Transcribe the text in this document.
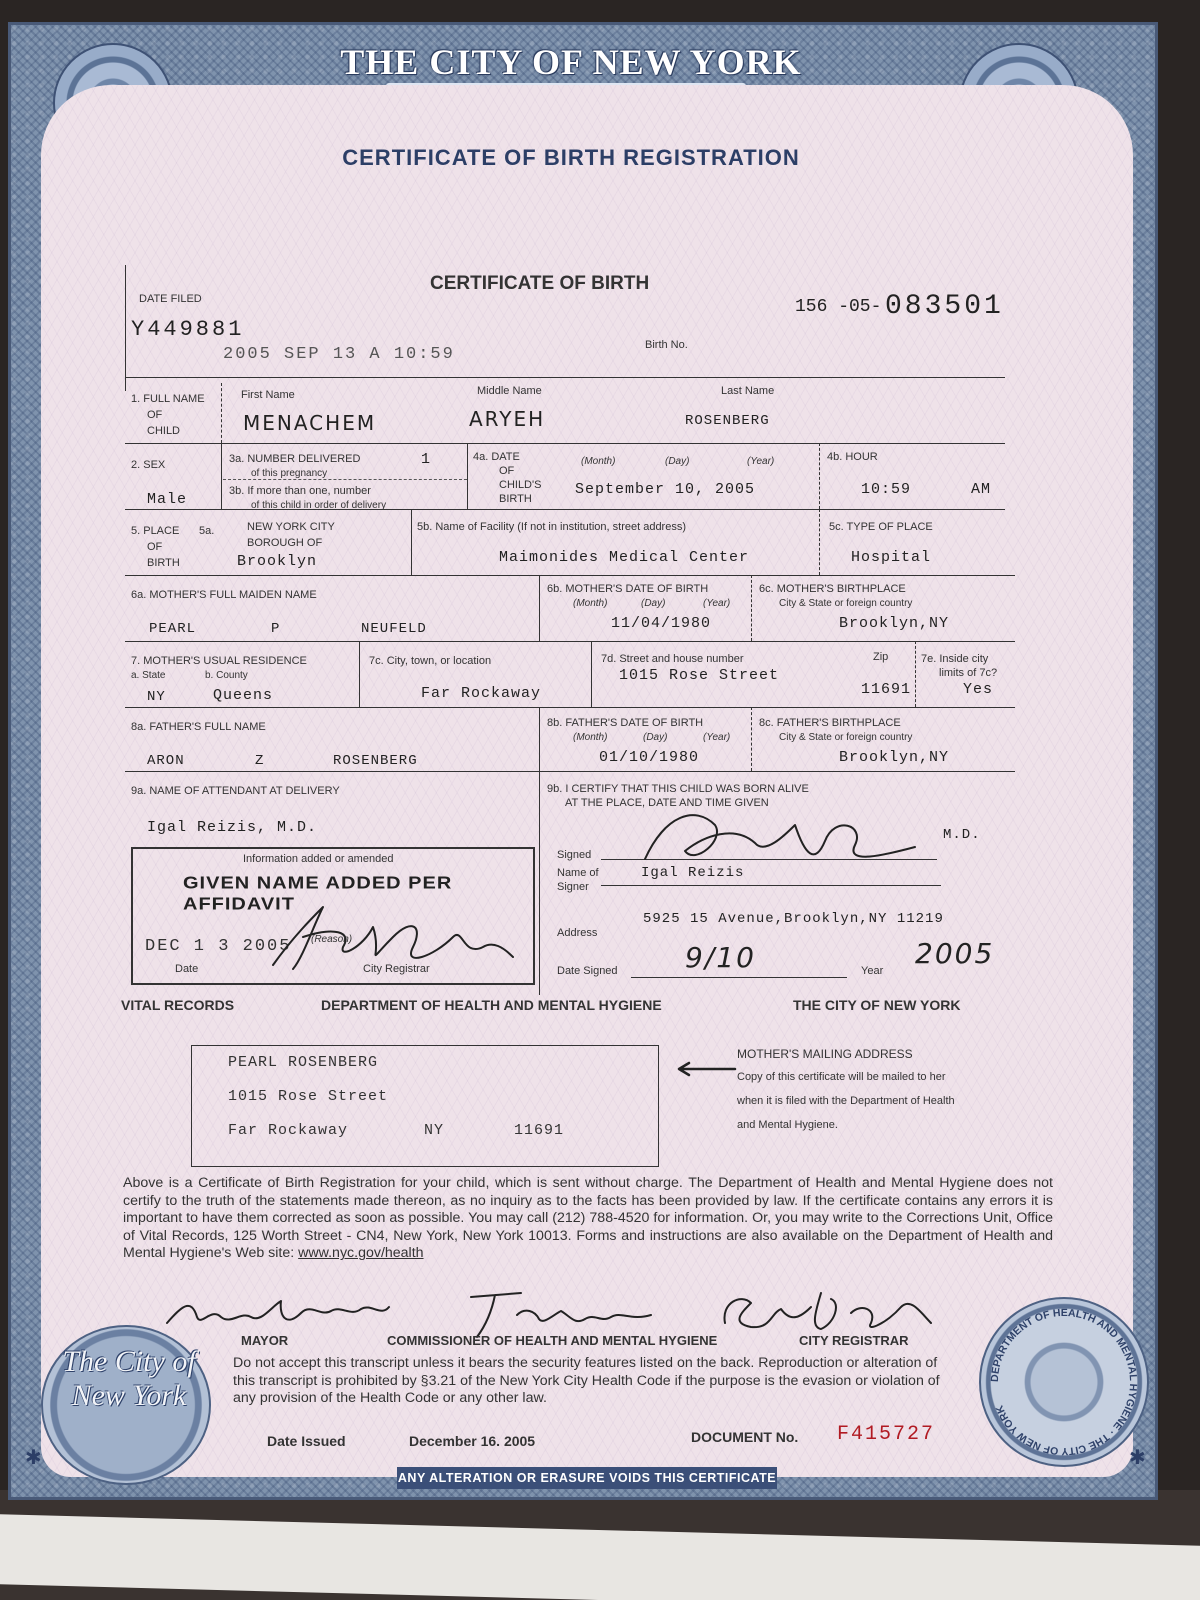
THE CITY OF NEW YORK
CERTIFICATE OF BIRTH REGISTRATION
CERTIFICATE OF BIRTH
DATE FILED
Y449881
2005 SEP 13 A 10:59
156 -05- 083501
Birth No.
1. FULL NAME
OF
CHILD
First Name	Middle Name	Last Name
MENACHEM	ARYEH	ROSENBERG
2. SEX
Male
3a. NUMBER DELIVERED
of this pregnancy
1
3b. If more than one, number
of this child in order of delivery
4a. DATE
OF
CHILD'S
BIRTH
(Month)	(Day)	(Year)
September 10, 2005
4b. HOUR
10:59	AM
5. PLACE
OF
BIRTH
5a.	NEW YORK CITY
BOROUGH OF
Brooklyn
5b. Name of Facility (If not in institution, street address)
Maimonides Medical Center
5c. TYPE OF PLACE
Hospital
6a. MOTHER'S FULL MAIDEN NAME
PEARL	P	NEUFELD
6b. MOTHER'S DATE OF BIRTH
(Month)	(Day)	(Year)
11/04/1980
6c. MOTHER'S BIRTHPLACE
City & State or foreign country
Brooklyn,NY
7. MOTHER'S USUAL RESIDENCE
a. State	b. County
NY	Queens
7c. City, town, or location
Far Rockaway
7d. Street and house number
1015 Rose Street
Zip
11691
7e. Inside city
limits of 7c?
Yes
8a. FATHER'S FULL NAME
ARON	Z	ROSENBERG
8b. FATHER'S DATE OF BIRTH
(Month)	(Day)	(Year)
01/10/1980
8c. FATHER'S BIRTHPLACE
City & State or foreign country
Brooklyn,NY
9a. NAME OF ATTENDANT AT DELIVERY
Igal Reizis, M.D.
9b. I CERTIFY THAT THIS CHILD WAS BORN ALIVE
AT THE PLACE, DATE AND TIME GIVEN
Signed
M.D.
Name of
Signer
Igal Reizis
Address
5925 15 Avenue,Brooklyn,NY 11219
Date Signed 9/10	Year
2005
Information added or amended
GIVEN NAME ADDED PER AFFIDAVIT
DEC 1 3 2005
Date
(Reason)
City Registrar
VITAL RECORDS	DEPARTMENT OF HEALTH AND MENTAL HYGIENE	THE CITY OF NEW YORK
PEARL ROSENBERG
1015 Rose Street
Far Rockaway	NY	11691
MOTHER'S MAILING ADDRESS
Copy of this certificate will be mailed to her
when it is filed with the Department of Health
and Mental Hygiene.
Above is a Certificate of Birth Registration for your child, which is sent without charge. The Department of Health and Mental Hygiene does not certify to the truth of the statements made thereon, as no inquiry as to the facts has been provided by law. If the certificate contains any errors it is important to have them corrected as soon as possible. You may call (212) 788-4520 for information. Or, you may write to the Corrections Unit, Office of Vital Records, 125 Worth Street - CN4, New York, New York 10013. Forms and instructions are also available on the Department of Health and Mental Hygiene's Web site: www.nyc.gov/health
MAYOR	COMMISSIONER OF HEALTH AND MENTAL HYGIENE	CITY REGISTRAR
Do not accept this transcript unless it bears the security features listed on the back. Reproduction or alteration of this transcript is prohibited by §3.21 of the New York City Health Code if the purpose is the evasion or violation of any provision of the Health Code or any other law.
Date Issued	December 16. 2005	DOCUMENT No. F415727
The City of New York
DEPARTMENT OF HEALTH AND MENTAL HYGIENE · THE CITY OF NEW YORK
ANY ALTERATION OR ERASURE VOIDS THIS CERTIFICATE
✱	✱
